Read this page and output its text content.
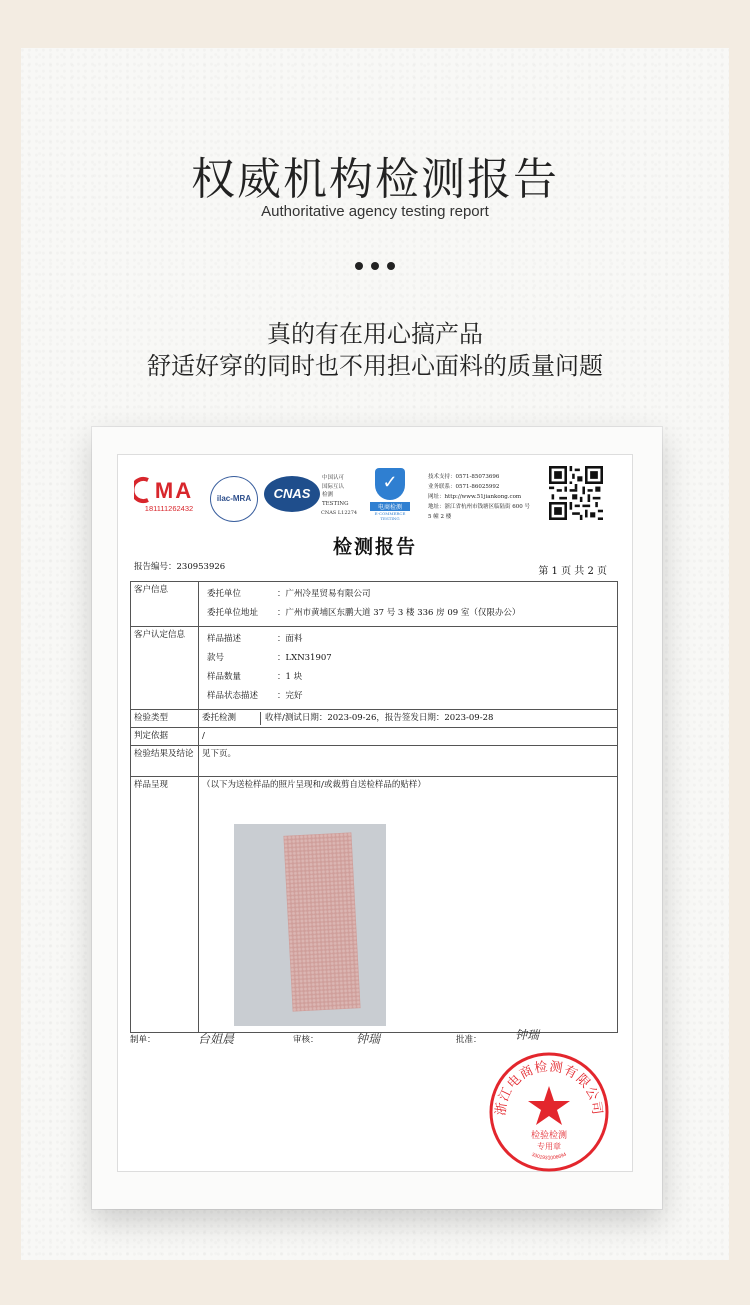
权威机构检测报告
Authoritative agency testing report
真的有在用心搞产品
舒适好穿的同时也不用担心面料的质量问题
MA
181111262432
ilac-MRA	CNAS
中国认可
国际互认
检测
TESTING
CNAS L12274
✓
电商检测
E-COMMERCE TESTING
技术支持：0571-85073696
业务联系：0571-86025992
网址：http://www.51jiankong.com
地址：浙江省杭州市钱塘区临陆街 600 号
5 幢 2 楼
检测报告
报告编号：230953926	第 1 页 共 2 页
客户信息		委托单位	：广州冷星贸易有限公司
委托单位地址	：广州市黄埔区东鹏大道 37 号 3 楼 336 房 09 室（仅限办公）

客户认定信息		样品描述	：面料
款号	：LXN31907
样品数量	：1 块
样品状态描述	：完好

检验类型	委托检测	收样/测试日期：2023-09-26，报告签发日期：2023-09-28
判定依据	/
检验结果及结论	见下页。
样品呈现	（以下为送检样品的照片呈现和/或裁剪自送检样品的贴样）
制单：	台姐晨	审核：	钟瑞	批准：	钟瑞
浙江电商检测有限公司
检验检测
专用章
3301931006694
